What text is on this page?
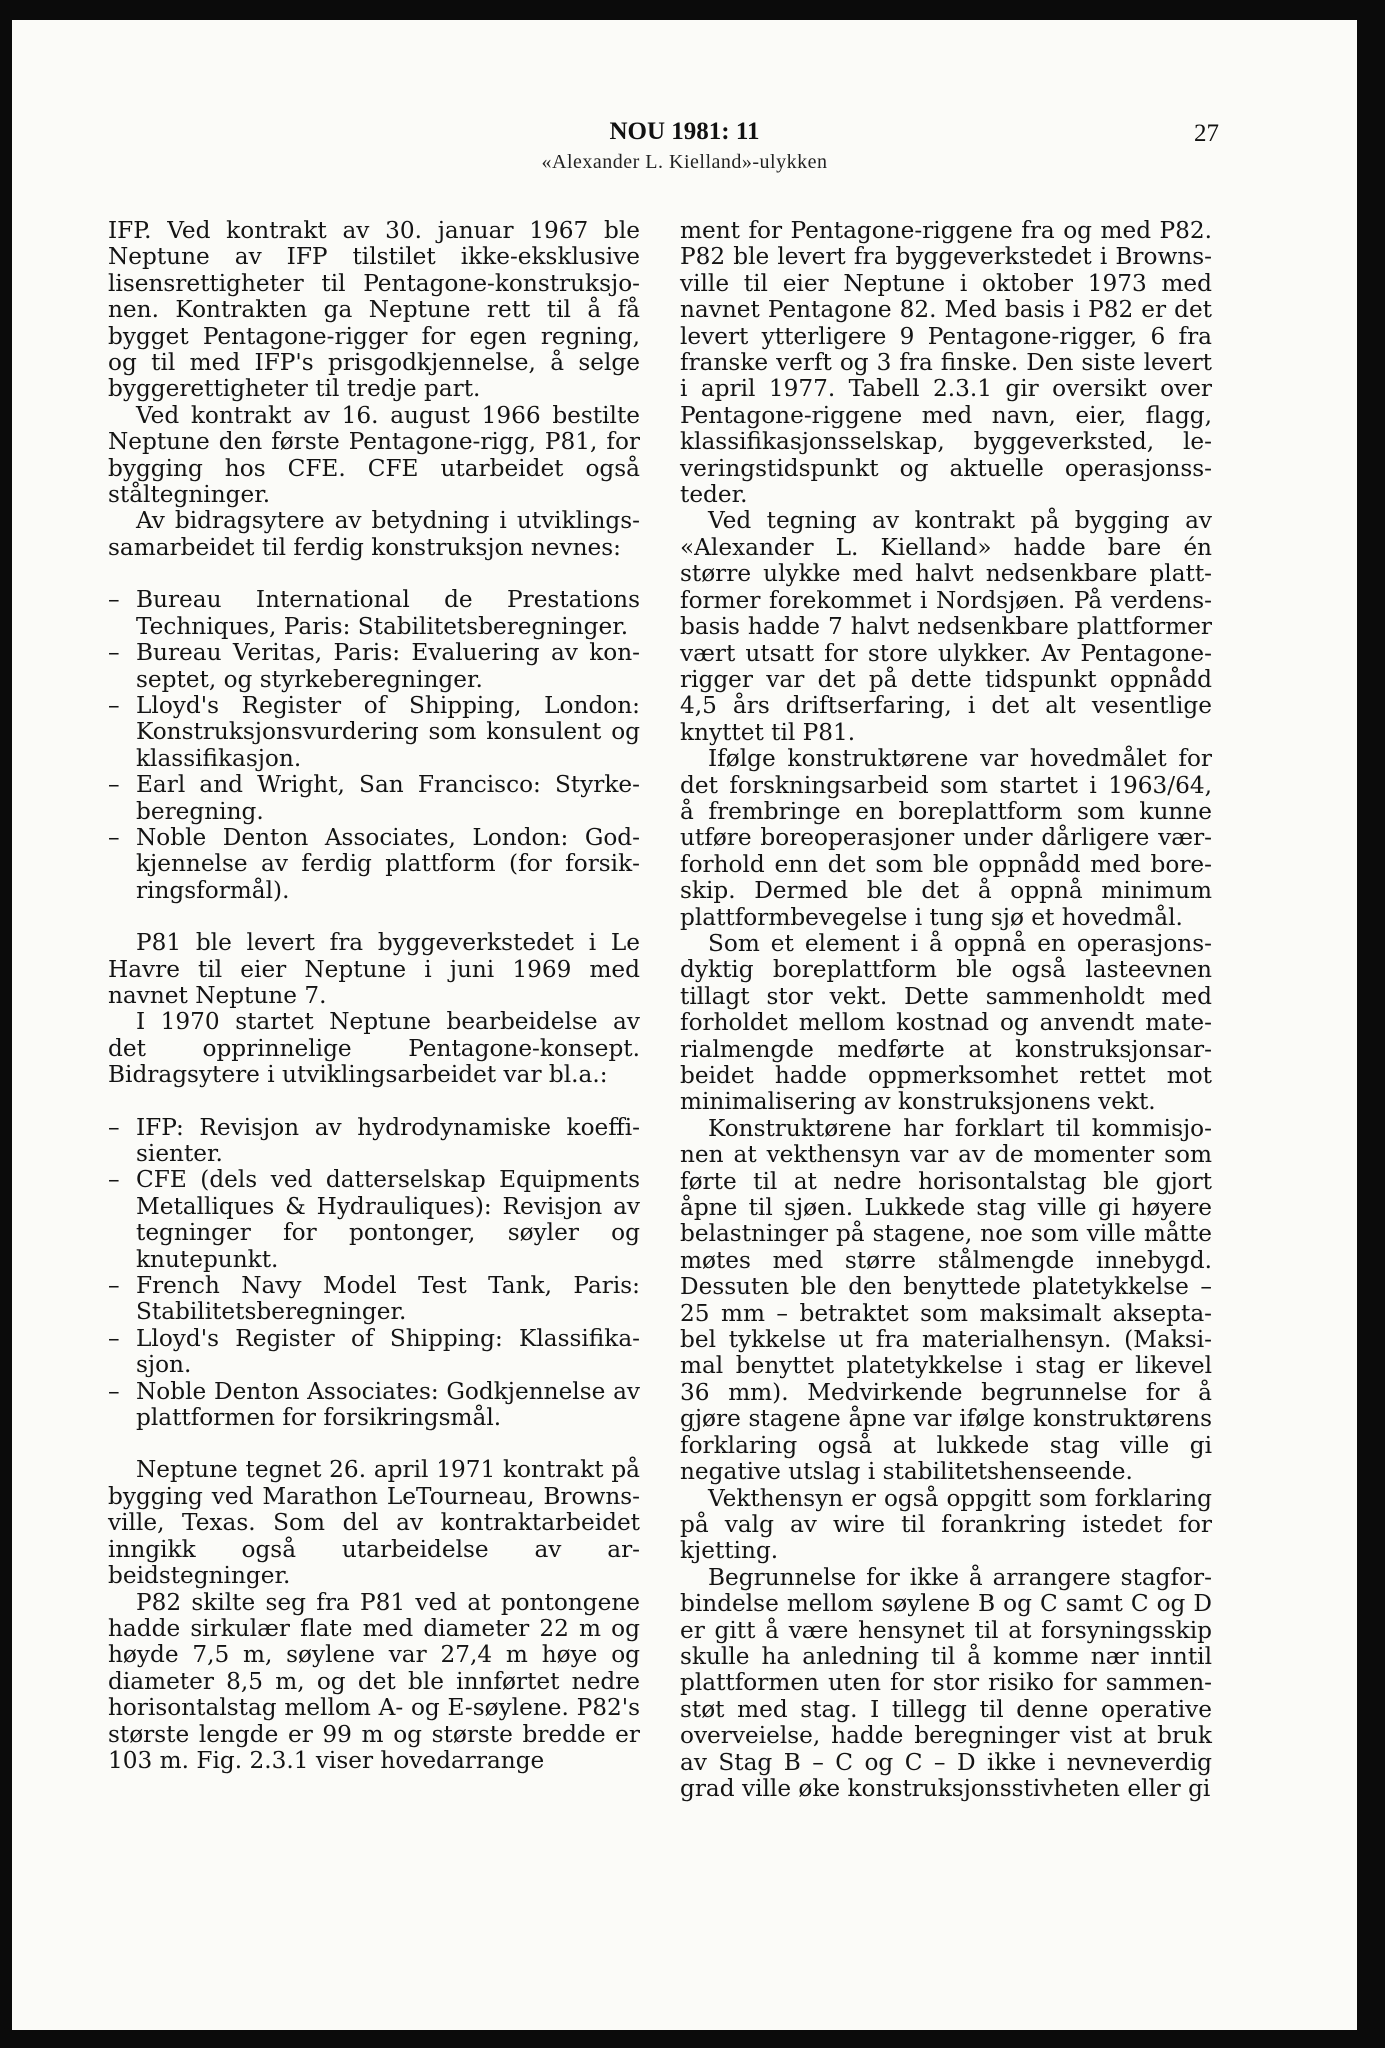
NOU 1981: 11
«Alexander L. Kielland»-ulykken
27

IFP. Ved kontrakt av 30. januar 1967 ble Neptune av IFP tilstilet ikke-eksklusive lisensrettigheter til Pentagone-konstruksjonen. Kontrakten ga Neptune rett til å få bygget Pentagone-rigger for egen regning, og til med IFP's prisgodkjennelse, å selge byggerettigheter til tredje part.

Ved kontrakt av 16. august 1966 bestilte Neptune den første Pentagone-rigg, P81, for bygging hos CFE. CFE utarbeidet også ståltegninger.

Av bidragsytere av betydning i utviklingssamarbeidet til ferdig konstruksjon nevnes:

– Bureau International de Prestations Techniques, Paris: Stabilitetsberegninger.
– Bureau Veritas, Paris: Evaluering av konseptet, og styrkeberegninger.
– Lloyd's Register of Shipping, London: Konstruksjonsvurdering som konsulent og klassifikasjon.
– Earl and Wright, San Francisco: Styrkeberegning.
– Noble Denton Associates, London: Godkjennelse av ferdig plattform (for forsikringsformål).

P81 ble levert fra byggeverkstedet i Le Havre til eier Neptune i juni 1969 med navnet Neptune 7.

I 1970 startet Neptune bearbeidelse av det opprinnelige Pentagone-konsept. Bidragsytere i utviklingsarbeidet var bl.a.:

– IFP: Revisjon av hydrodynamiske koeffisienter.
– CFE (dels ved datterselskap Equipments Metalliques & Hydrauliques): Revisjon av tegninger for pontonger, søyler og knutepunkt.
– French Navy Model Test Tank, Paris: Stabilitetsberegninger.
– Lloyd's Register of Shipping: Klassifikasjon.
– Noble Denton Associates: Godkjennelse av plattformen for forsikringsmål.

Neptune tegnet 26. april 1971 kontrakt på bygging ved Marathon LeTourneau, Brownsville, Texas. Som del av kontraktarbeidet inngikk også utarbeidelse av arbeidstegninger.

P82 skilte seg fra P81 ved at pontongene hadde sirkulær flate med diameter 22 m og høyde 7,5 m, søylene var 27,4 m høye og diameter 8,5 m, og det ble innførtet nedre horisontalstag mellom A- og E-søylene. P82's største lengde er 99 m og største bredde er 103 m. Fig. 2.3.1 viser hovedarrange

ment for Pentagone-riggene fra og med P82. P82 ble levert fra byggeverkstedet i Brownsville til eier Neptune i oktober 1973 med navnet Pentagone 82. Med basis i P82 er det levert ytterligere 9 Pentagone-rigger, 6 fra franske verft og 3 fra finske. Den siste levert i april 1977. Tabell 2.3.1 gir oversikt over Pentagone-riggene med navn, eier, flagg, klassifikasjonsselskap, byggeverksted, leveringstidspunkt og aktuelle operasjonssteder.

Ved tegning av kontrakt på bygging av «Alexander L. Kielland» hadde bare én større ulykke med halvt nedsenkbare plattformer forekommet i Nordsjøen. På verdensbasis hadde 7 halvt nedsenkbare plattformer vært utsatt for store ulykker. Av Pentagone-rigger var det på dette tidspunkt oppnådd 4,5 års driftserfaring, i det alt vesentlige knyttet til P81.

Ifølge konstruktørene var hovedmålet for det forskningsarbeid som startet i 1963/64, å frembringe en boreplattform som kunne utføre boreoperasjoner under dårligere værforhold enn det som ble oppnådd med boreskip. Dermed ble det å oppnå minimum plattformbevegelse i tung sjø et hovedmål.

Som et element i å oppnå en operasjonsdyktig boreplattform ble også lasteevnen tillagt stor vekt. Dette sammenholdt med forholdet mellom kostnad og anvendt materialmengde medførte at konstruksjonsarbeidet hadde oppmerksomhet rettet mot minimalisering av konstruksjonens vekt.

Konstruktørene har forklart til kommisjonen at vekthensyn var av de momenter som førte til at nedre horisontalstag ble gjort åpne til sjøen. Lukkede stag ville gi høyere belastninger på stagene, noe som ville måtte møtes med større stålmengde innebygd. Dessuten ble den benyttede platetykkelse – 25 mm – betraktet som maksimalt akseptabel tykkelse ut fra materialhensyn. (Maksimal benyttet platetykkelse i stag er likevel 36 mm). Medvirkende begrunnelse for å gjøre stagene åpne var ifølge konstruktørens forklaring også at lukkede stag ville gi negative utslag i stabilitetshenseende.

Vekthensyn er også oppgitt som forklaring på valg av wire til forankring istedet for kjetting.

Begrunnelse for ikke å arrangere stagforbindelse mellom søylene B og C samt C og D er gitt å være hensynet til at forsyningsskip skulle ha anledning til å komme nær inntil plattformen uten for stor risiko for sammenstøt med stag. I tillegg til denne operative overveielse, hadde beregninger vist at bruk av Stag B – C og C – D ikke i nevneverdig grad ville øke konstruksjonsstivheten eller gi
